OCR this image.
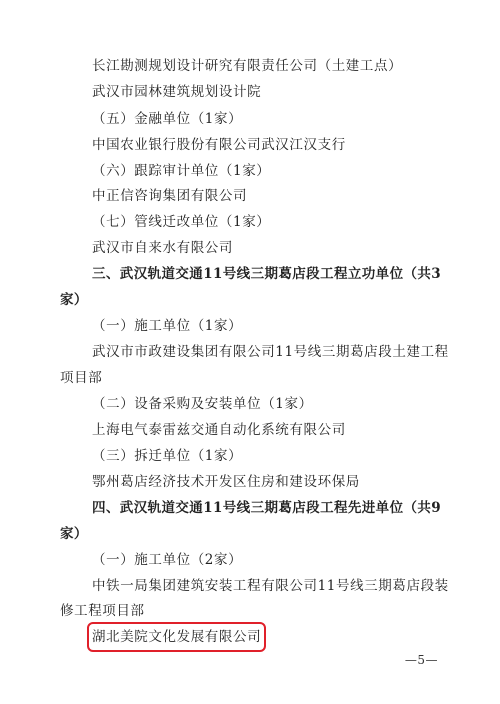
长江勘测规划设计研究有限责任公司（土建工点）
武汉市园林建筑规划设计院
（五）金融单位（1家）
中国农业银行股份有限公司武汉江汉支行
（六）跟踪审计单位（1家）
中正信咨询集团有限公司
（七）管线迁改单位（1家）
武汉市自来水有限公司
三、武汉轨道交通11号线三期葛店段工程立功单位（共3
家）
（一）施工单位（1家）
武汉市市政建设集团有限公司11号线三期葛店段土建工程
项目部
（二）设备采购及安装单位（1家）
上海电气泰雷兹交通自动化系统有限公司
（三）拆迁单位（1家）
鄂州葛店经济技术开发区住房和建设环保局
四、武汉轨道交通11号线三期葛店段工程先进单位（共9
家）
（一）施工单位（2家）
中铁一局集团建筑安装工程有限公司11号线三期葛店段装
修工程项目部
湖北美院文化发展有限公司
—5—
